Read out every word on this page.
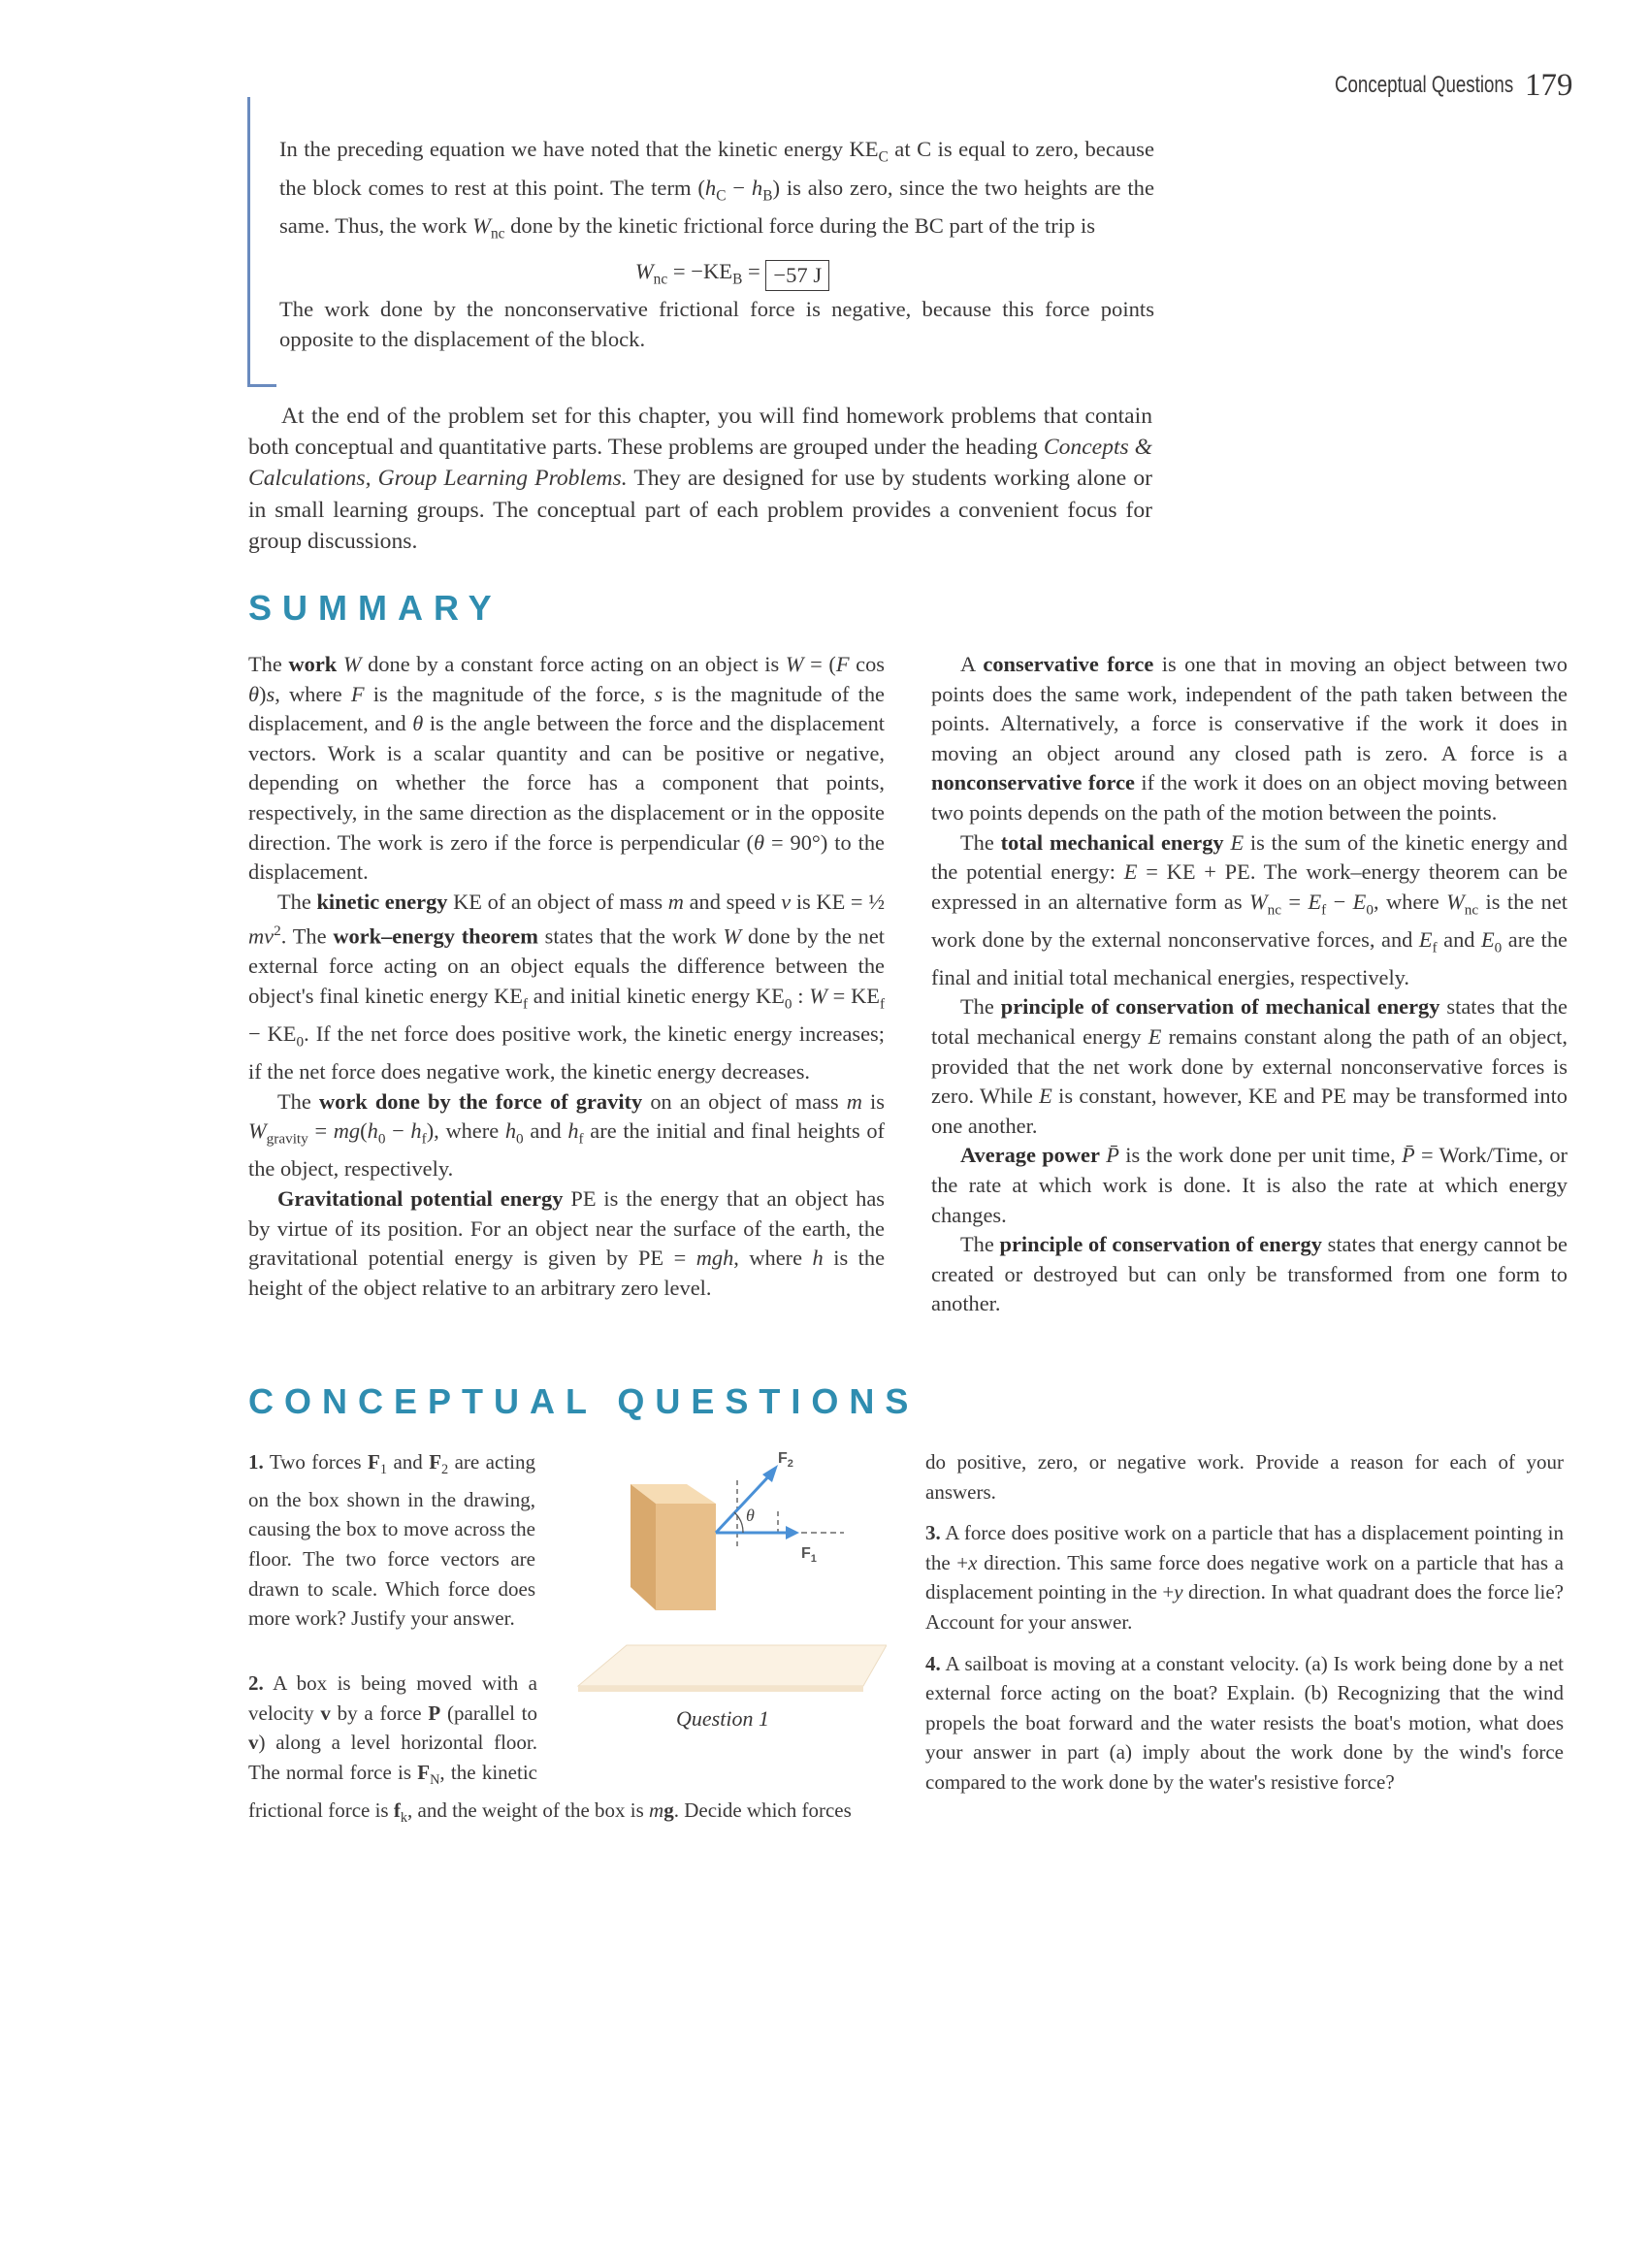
Conceptual Questions 179

In the preceding equation we have noted that the kinetic energy $KE_C$ at C is equal to zero, because the block comes to rest at this point. The term $(h_C - h_B)$ is also zero, since the two heights are the same. Thus, the work $W_{nc}$ done by the kinetic frictional force during the BC part of the trip is

$W_{nc} = -KE_B = -57$ J

The work done by the nonconservative frictional force is negative, because this force points opposite to the displacement of the block.

At the end of the problem set for this chapter, you will find homework problems that contain both conceptual and quantitative parts. These problems are grouped under the heading Concepts & Calculations, Group Learning Problems. They are designed for use by students working alone or in small learning groups. The conceptual part of each problem provides a convenient focus for group discussions.

SUMMARY

The work W done by a constant force acting on an object is W = (F cos θ)s, where F is the magnitude of the force, s is the magnitude of the displacement, and θ is the angle between the force and the displacement vectors. Work is a scalar quantity and can be positive or negative, depending on whether the force has a component that points, respectively, in the same direction as the displacement or in the opposite direction. The work is zero if the force is perpendicular (θ = 90°) to the displacement.

The kinetic energy KE of an object of mass m and speed v is KE = ½ $mv^2$. The work–energy theorem states that the work W done by the net external force acting on an object equals the difference between the object's final kinetic energy $KE_f$ and initial kinetic energy $KE_0$ : $W = KE_f - KE_0$. If the net force does positive work, the kinetic energy increases; if the net force does negative work, the kinetic energy decreases.

The work done by the force of gravity on an object of mass m is $W_{gravity} = mg(h_0 - h_f)$, where $h_0$ and $h_f$ are the initial and final heights of the object, respectively.

Gravitational potential energy PE is the energy that an object has by virtue of its position. For an object near the surface of the earth, the gravitational potential energy is given by PE = mgh, where h is the height of the object relative to an arbitrary zero level.

A conservative force is one that in moving an object between two points does the same work, independent of the path taken between the points. Alternatively, a force is conservative if the work it does in moving an object around any closed path is zero. A force is a nonconservative force if the work it does on an object moving between two points depends on the path of the motion between the points.

The total mechanical energy E is the sum of the kinetic energy and the potential energy: E = KE + PE. The work–energy theorem can be expressed in an alternative form as $W_{nc} = E_f - E_0$, where $W_{nc}$ is the net work done by the external nonconservative forces, and $E_f$ and $E_0$ are the final and initial total mechanical energies, respectively.

The principle of conservation of mechanical energy states that the total mechanical energy E remains constant along the path of an object, provided that the net work done by external nonconservative forces is zero. While E is constant, however, KE and PE may be transformed into one another.

Average power P̄ is the work done per unit time, P̄ = Work/Time, or the rate at which work is done. It is also the rate at which energy changes.

The principle of conservation of energy states that energy cannot be created or destroyed but can only be transformed from one form to another.

CONCEPTUAL QUESTIONS

1. Two forces $F_1$ and $F_2$ are acting on the box shown in the drawing, causing the box to move across the floor. The two force vectors are drawn to scale. Which force does more work? Justify your answer.

2. A box is being moved with a velocity v by a force P (parallel to v) along a level horizontal floor. The normal force is $F_N$, the kinetic frictional force is $f_k$, and the weight of the box is mg. Decide which forces

θ
$F_2$
$F_1$
Question 1

do positive, zero, or negative work. Provide a reason for each of your answers.

3. A force does positive work on a particle that has a displacement pointing in the +x direction. This same force does negative work on a particle that has a displacement pointing in the +y direction. In what quadrant does the force lie? Account for your answer.

4. A sailboat is moving at a constant velocity. (a) Is work being done by a net external force acting on the boat? Explain. (b) Recognizing that the wind propels the boat forward and the water resists the boat's motion, what does your answer in part (a) imply about the work done by the wind's force compared to the work done by the water's resistive force?
